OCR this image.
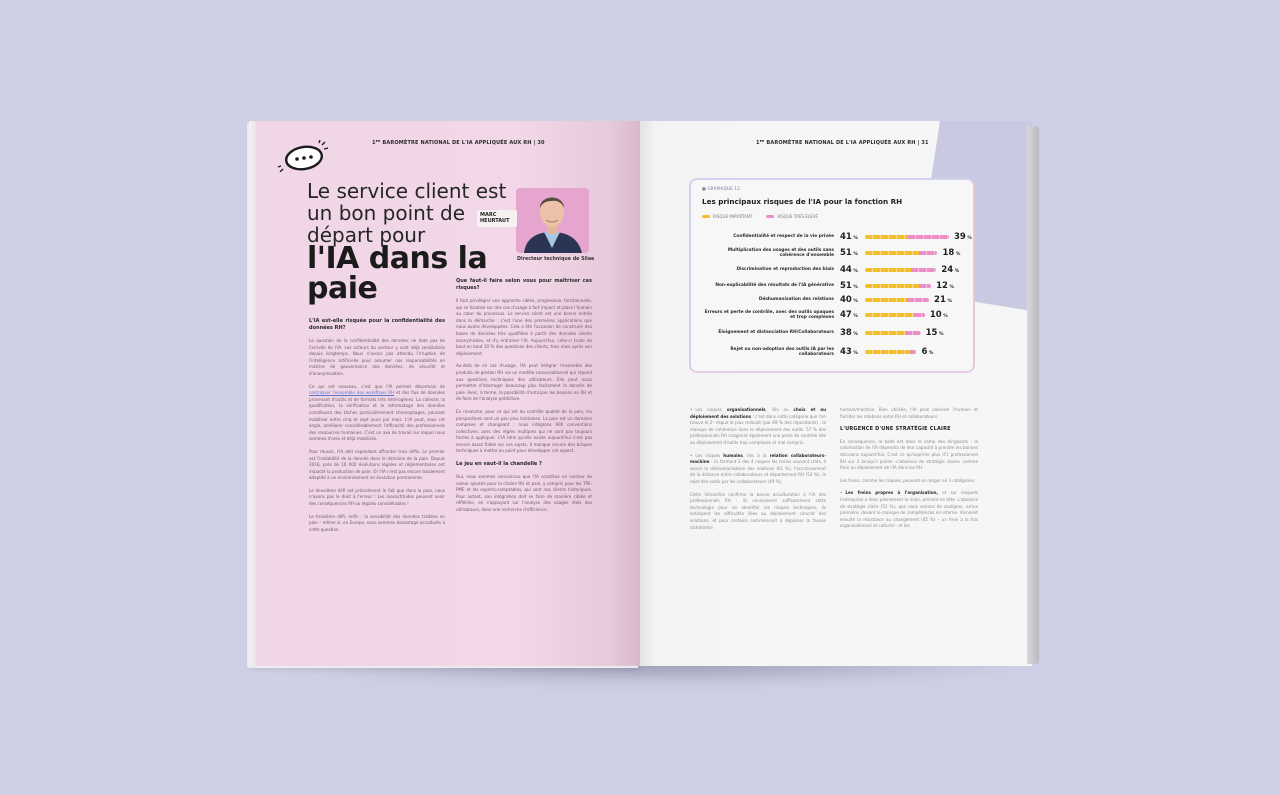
1ᴱᴿ BAROMÈTRE NATIONAL DE L'IA APPLIQUÉE AUX RH | 30
Le service client est un bon point de départ pour
l'IA dans la paie
MARC
HEURTAUT
Directeur technique de Silae
L'IA est-elle risquée pour la confidentialité des données RH?

La question de la confidentialité des données ne date pas de l'arrivée de l'IA. Les acteurs du secteur y sont déjà sensibilisés depuis longtemps. Nous n'avons pas attendu l'irruption de l'intelligence artificielle pour assumer nos responsabilités en matière de gouvernance des données, de sécurité et d'anonymisation.

Ce qui est nouveau, c'est que l'IA permet désormais de centraliser l'ensemble des workflows RH et des flux de données provenant d'outils et de formats très hétérogènes. La collecte, la qualification, la vérification et le reformatage des données constituent des tâches particulièrement chronophages, pouvant mobiliser entre cinq et sept jours par mois. L'IA peut, sous cet angle, améliorer considérablement l'efficacité des professionnels des ressources humaines. C'est un axe de travail sur lequel nous sommes d'ores et déjà mobilisés.

Pour réussir, l'IA doit cependant affronter trois défis. Le premier est l'instabilité de la donnée dans le domaine de la paie. Depuis 2016, près de 16 000 évolutions légales et réglementaires ont impacté la production de paie. Or l'IA n'est pas encore totalement adaptée à un environnement en évolution permanente.

Le deuxième défi est précisément le fait que dans la paie, nous n'avons pas le droit à l'erreur ! Les inexactitudes peuvent avoir des conséquences RH ou légales considérables !

Le troisième défi, enfin : la sensibilité des données traitées en paie – même si, en Europe, nous sommes davantage acculturés à cette question.

Que faut-il faire selon vous pour maîtriser ces risques?

Il faut privilégier une approche ciblée, progressive, fonctionnelle, qui se focalise sur des cas d'usage à fort impact et place l'humain au cœur du processus. Le service client est une bonne entrée dans la démarche : c'est l'une des premières applications que nous avons développées. Cela a été l'occasion de construire des bases de données très qualifiées à partir des données clients anonymisées, et d'y entraîner l'IA. Aujourd'hui, celle-ci traite de bout en bout 10 % des questions des clients, trois mois après son déploiement.

Au-delà de ce cas d'usage, l'IA peut intégrer l'ensemble des produits de gestion RH via un modèle conversationnel qui répond aux questions techniques des utilisateurs. Elle peut aussi permettre d'interroger beaucoup plus facilement la donnée de paie. Avec, à terme, la possibilité d'anticiper les besoins en RH et de faire de l'analyse prédictive.

En revanche, pour ce qui est du contrôle qualité de la paie, les perspectives sont un peu plus lointaines. La paie est un domaine complexe et changeant : nous intégrons 900 conventions collectives, avec des règles multiples qui ne sont pas toujours faciles à appliquer. L'IA telle qu'elle existe aujourd'hui n'est pas encore assez fiable sur ces sujets. Il manque encore des briques techniques à mettre au point pour développer cet aspect.

Le jeu en vaut-il la chandelle ?

Oui, nous sommes convaincus que l'IA constitue un vecteur de valeur ajoutée pour la chaîne RH et paie, y compris pour les TPE-PME et les experts-comptables, qui sont nos clients historiques. Pour autant, son intégration doit se faire de manière ciblée et réfléchie, en s'appuyant sur l'analyse des usages réels des utilisateurs, dans une recherche d'efficience.

1ᴱᴿ BAROMÈTRE NATIONAL DE L'IA APPLIQUÉE AUX RH | 31
■ GRAPHIQUE 13
Les principaux risques de l'IA pour la fonction RH
RISQUE IMPORTANT	RISQUE TRÈS ÉLEVÉ
Confidentialité et respect de la vie privée 41 %	39 %
Multiplication des usages et des outils sans cohérence d'ensemble 51 %	18 %
Discrimination et reproduction des biais 44 %	24 %
Non-explicabilité des résultats de l'IA générative 51 %	12 %
Déshumanisation des relations 40 %	21 %
Erreurs et perte de contrôle, avec des outils opaques et trop complexes 47 %	10 %
Éloignement et distanciation RH/Collaborateurs 38 %	15 %
Rejet ou non-adoption des outils IA par les collaborateurs 43 %	6 %

• Les risques organisationnels, liés au choix et au déploiement des solutions : c'est dans cette catégorie que l'on trouve le 2ᵉ risque le plus redouté (par 69 % des répondants) : le manque de cohérence dans le déploiement des outils. 57 % des professionnels RH craignent également une perte de contrôle liée au déploiement d'outils trop complexes et mal compris.

• Les risques humains, liés à la relation collaborateurs-machine : ils forment 3 des 4 risques les moins souvent cités, à savoir la déshumanisation des relations (61 %), l'accroissement de la distance entre collaborateurs et département RH (53 %), le rejet des outils par les collaborateurs (49 %).

Cette hiérarchie confirme la bonne acculturation à l'IA des professionnels RH : ils connaissent suffisamment cette technologie pour en identifier les risques techniques, ils anticipent les difficultés liées au déploiement concret des solutions, et pour certains commencent à dépasser la fausse dichotomie

humain/machine. Bien utilisée, l'IA peut valoriser l'humain et faciliter les relations entre RH et collaborateurs.

L'URGENCE D'UNE STRATÉGIE CLAIRE

En conséquence, la balle est dans le camp des dirigeants : la valorisation de l'IA dépendra de leur capacité à prendre les bonnes décisions aujourd'hui. C'est ce qu'exprime plus d'1 professionnel RH sur 2 lorsqu'il pointe «l'absence de stratégie claire» comme frein au déploiement de l'IA dans les RH.

Les freins, comme les risques, peuvent se ranger en 3 catégories :

• Les freins propres à l'organisation, et sur lesquels l'entreprise a donc pleinement la main, arrivent en tête. L'absence de stratégie claire (52 %), que nous venons de souligner, arrive première, devant le manque de compétences en interne. Viennent ensuite la résistance au changement (45 %) – un frein à la fois organisationnel et culturel – et les
